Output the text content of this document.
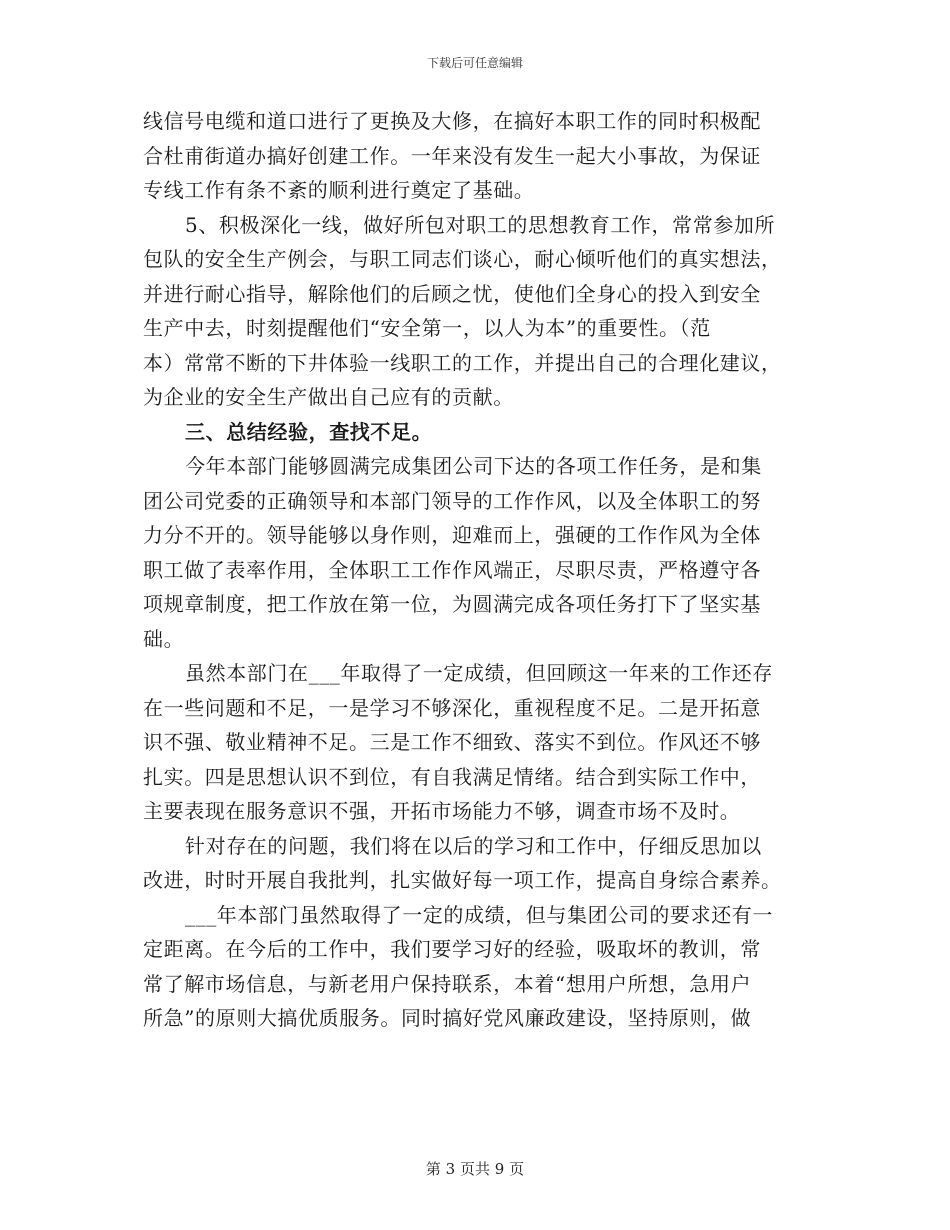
下载后可任意编辑
线信号电缆和道口进行了更换及大修，在搞好本职工作的同时积极配
合杜甫街道办搞好创建工作。一年来没有发生一起大小事故，为保证
专线工作有条不紊的顺利进行奠定了基础。
5、积极深化一线，做好所包对职工的思想教育工作，常常参加所
包队的安全生产例会，与职工同志们谈心，耐心倾听他们的真实想法，
并进行耐心指导，解除他们的后顾之忧，使他们全身心的投入到安全
生产中去，时刻提醒他们“安全第一，以人为本”的重要性。（范
本）常常不断的下井体验一线职工的工作，并提出自己的合理化建议，
为企业的安全生产做出自己应有的贡献。
三、总结经验，查找不足。
今年本部门能够圆满完成集团公司下达的各项工作任务，是和集
团公司党委的正确领导和本部门领导的工作作风，以及全体职工的努
力分不开的。领导能够以身作则，迎难而上，强硬的工作作风为全体
职工做了表率作用，全体职工工作作风端正，尽职尽责，严格遵守各
项规章制度，把工作放在第一位，为圆满完成各项任务打下了坚实基
础。
虽然本部门在___年取得了一定成绩，但回顾这一年来的工作还存
在一些问题和不足，一是学习不够深化，重视程度不足。二是开拓意
识不强、敬业精神不足。三是工作不细致、落实不到位。作风还不够
扎实。四是思想认识不到位，有自我满足情绪。结合到实际工作中，
主要表现在服务意识不强，开拓市场能力不够，调查市场不及时。
针对存在的问题，我们将在以后的学习和工作中，仔细反思加以
改进，时时开展自我批判，扎实做好每一项工作，提高自身综合素养。
___年本部门虽然取得了一定的成绩，但与集团公司的要求还有一
定距离。在今后的工作中，我们要学习好的经验，吸取坏的教训，常
常了解市场信息，与新老用户保持联系，本着“想用户所想，急用户
所急”的原则大搞优质服务。同时搞好党风廉政建设，坚持原则，做
第 3 页共 9 页
